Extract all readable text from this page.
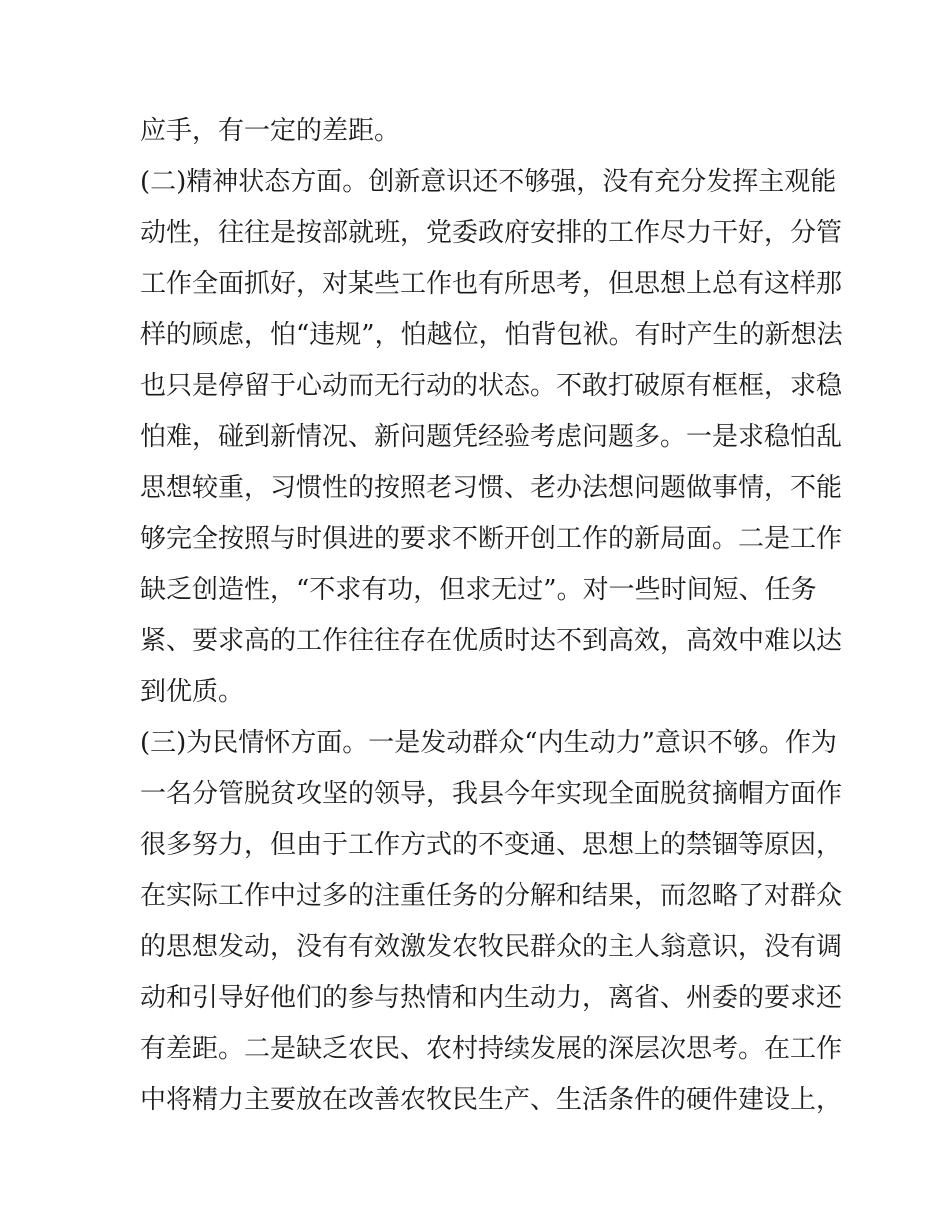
应手，有一定的差距。
(二)精神状态方面。创新意识还不够强，没有充分发挥主观能
动性，往往是按部就班，党委政府安排的工作尽力干好，分管
工作全面抓好，对某些工作也有所思考，但思想上总有这样那
样的顾虑，怕“违规”，怕越位，怕背包袱。有时产生的新想法
也只是停留于心动而无行动的状态。不敢打破原有框框，求稳
怕难，碰到新情况、新问题凭经验考虑问题多。一是求稳怕乱
思想较重，习惯性的按照老习惯、老办法想问题做事情，不能
够完全按照与时俱进的要求不断开创工作的新局面。二是工作
缺乏创造性，“不求有功，但求无过”。对一些时间短、任务
紧、要求高的工作往往存在优质时达不到高效，高效中难以达
到优质。
(三)为民情怀方面。一是发动群众“内生动力”意识不够。作为
一名分管脱贫攻坚的领导，我县今年实现全面脱贫摘帽方面作
很多努力，但由于工作方式的不变通、思想上的禁锢等原因，
在实际工作中过多的注重任务的分解和结果，而忽略了对群众
的思想发动，没有有效激发农牧民群众的主人翁意识，没有调
动和引导好他们的参与热情和内生动力，离省、州委的要求还
有差距。二是缺乏农民、农村持续发展的深层次思考。在工作
中将精力主要放在改善农牧民生产、生活条件的硬件建设上，
